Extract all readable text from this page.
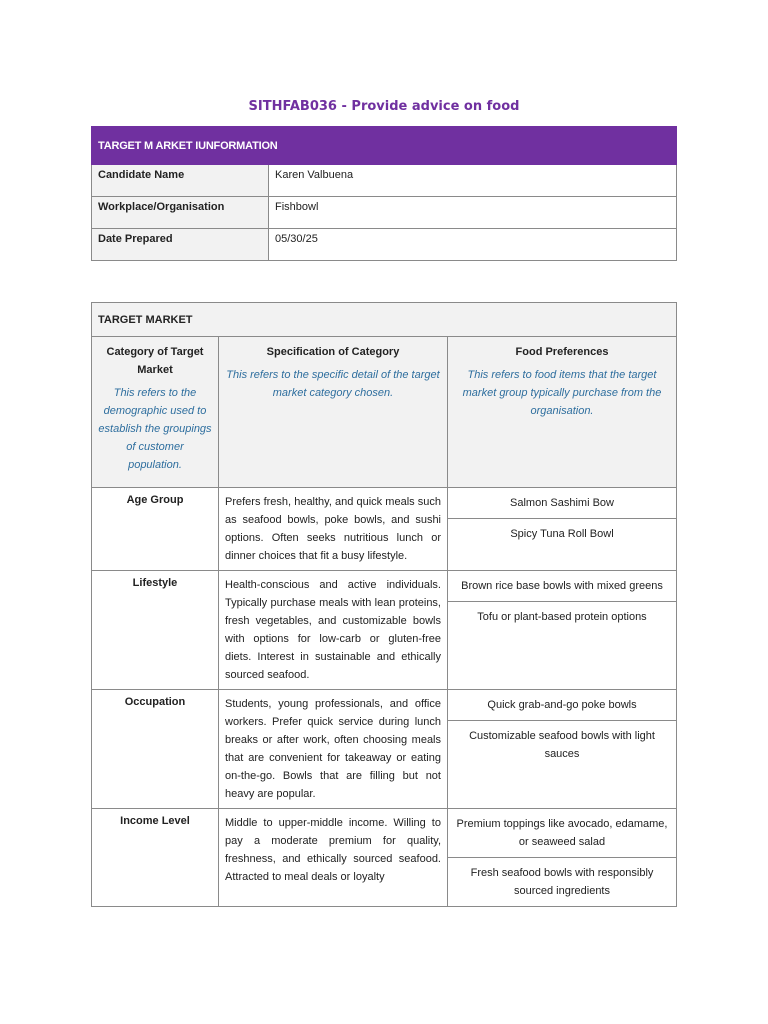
SITHFAB036 - Provide advice on food
TARGET M ARKET IUNFORMATION	
Candidate Name	Karen Valbuena
Workplace/Organisation	Fishbowl
Date Prepared	05/30/25
TARGET MARKET		

Category of Target Market
This refers to the demographic used to establish the groupings of customer population.

Specification of Category
This refers to the specific detail of the target market category chosen.

Food Preferences
This refers to food items that the target market group typically purchase from the organisation.

Age Group	Prefers fresh, healthy, and quick meals such as seafood bowls, poke bowls, and sushi options. Often seeks nutritious lunch or dinner choices that fit a busy lifestyle.	Salmon Sashimi Bow
Spicy Tuna Roll Bowl

Lifestyle	Health-conscious and active individuals. Typically purchase meals with lean proteins, fresh vegetables, and customizable bowls with options for low-carb or gluten-free diets. Interest in sustainable and ethically sourced seafood.	Brown rice base bowls with mixed greens
Tofu or plant-based protein options

Occupation	Students, young professionals, and office workers. Prefer quick service during lunch breaks or after work, often choosing meals that are convenient for takeaway or eating on-the-go. Bowls that are filling but not heavy are popular.	Quick grab-and-go poke bowls
Customizable seafood bowls with light sauces

Income Level	Middle to upper-middle income. Willing to pay a moderate premium for quality, freshness, and ethically sourced seafood. Attracted to meal deals or loyalty	Premium toppings like avocado, edamame, or seaweed salad
Fresh seafood bowls with responsibly sourced ingredients
